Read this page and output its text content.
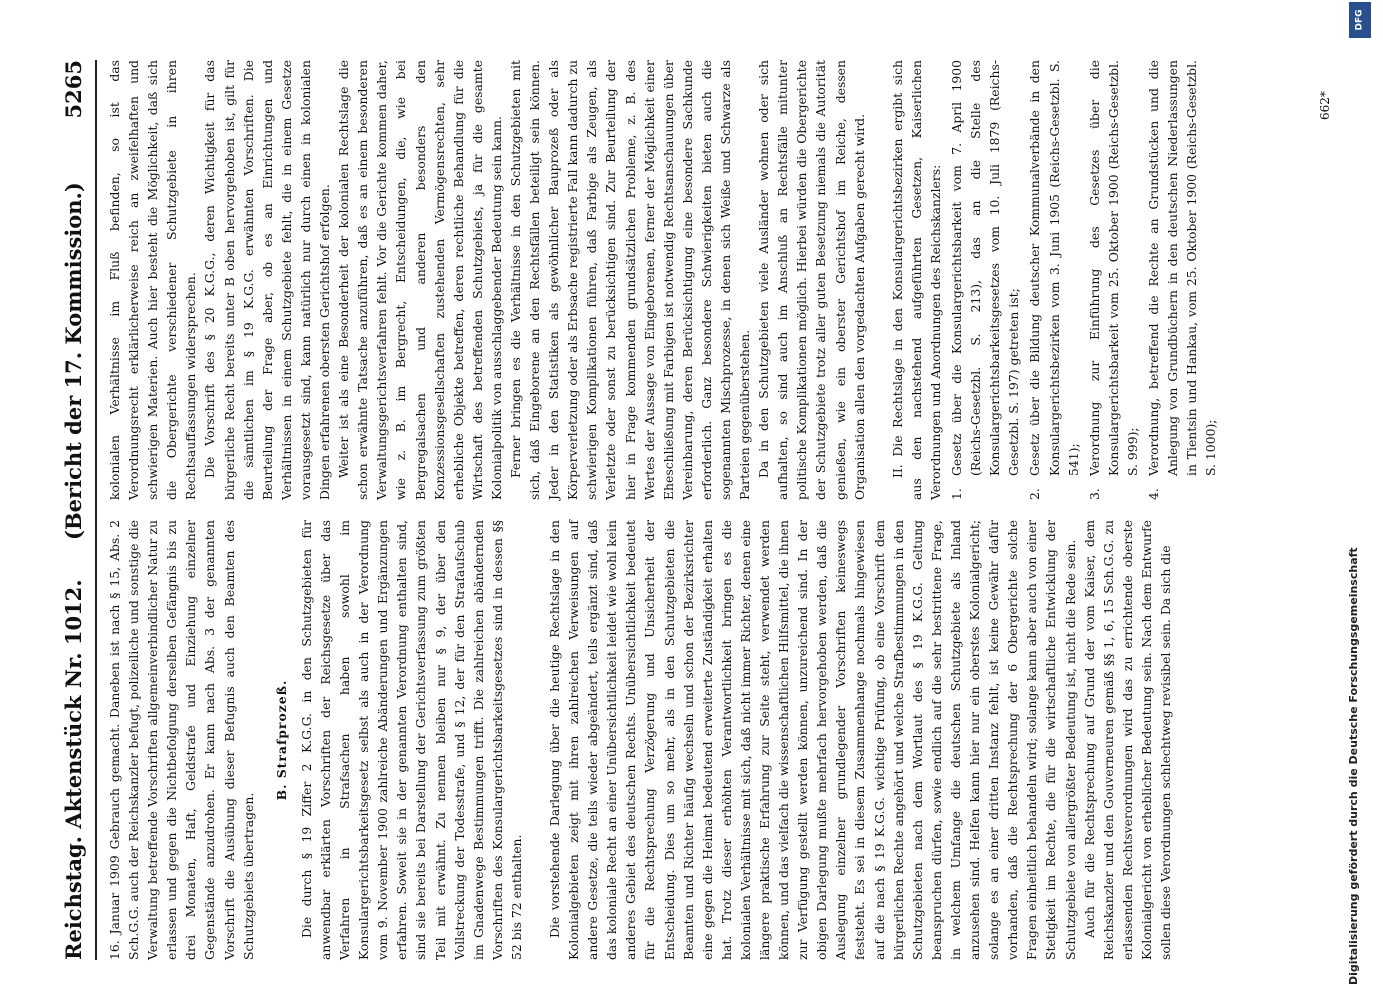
Reichstag. Aktenstück Nr. 1012.
(Bericht der 17. Kommission.)
5265

16. Januar 1909 Gebrauch gemacht. Daneben ist nach § 15, Abs. 2 Sch.G.G. auch der Reichskanzler befugt, polizeiliche und sonstige die Verwaltung betreffende Vorschriften allgemeinverbindlicher Natur zu erlassen und gegen die Nichtbefolgung derselben Gefängnis bis zu drei Monaten, Haft, Geldstrafe und Einziehung einzelner Gegenstände anzudrohen. Er kann nach Abs. 3 der genannten Vorschrift die Ausübung dieser Befugnis auch den Beamten des Schutzgebiets übertragen.

B. Strafprozeß. Die durch § 19 Ziffer 2 K.G.G. in den Schutzgebieten für anwendbar erklärten Vorschriften der Reichsgesetze über das Verfahren in Strafsachen haben sowohl im Konsulargerichtsbarkeitsgesetz selbst als auch in der Verordnung vom 9. November 1900 zahlreiche Abänderungen und Ergänzungen erfahren. Soweit sie in der genannten Verordnung enthalten sind, sind sie bereits bei Darstellung der Gerichtsverfassung zum größten Teil mit erwähnt. Zu nennen bleiben nur § 9, der über den Vollstreckung der Todesstrafe, und § 12, der für den Strafaufschub im Gnadenwege Bestimmungen trifft. Die zahlreichen abändernden Vorschriften des Konsulargerichtsbarkeitsgesetzes sind in dessen §§ 52 bis 72 enthalten. Die vorstehende Darlegung über die heutige Rechtslage in den Kolonialgebieten zeigt mit ihren zahlreichen Verweisungen auf andere Gesetze, die teils wieder abgeändert, teils ergänzt sind, daß das koloniale Recht an einer Unübersichtlichkeit leidet wie wohl kein anderes Gebiet des deutschen Rechts. Unübersichtlichkeit bedeutet für die Rechtsprechung Verzögerung und Unsicherheit der Entscheidung. Dies um so mehr, als in den Schutzgebieten die Beamten und Richter häufig wechseln und schon der Bezirksrichter eine gegen die Heimat bedeutend erweiterte Zuständigkeit erhalten hat. Trotz dieser erhöhten Verantwortlichkeit bringen es die kolonialen Verhältnisse mit sich, daß nicht immer Richter, denen eine längere praktische Erfahrung zur Seite steht, verwendet werden können, und das vielfach die wissenschaftlichen Hilfsmittel, die ihnen zur Verfügung gestellt werden können, unzureichend sind. In der obigen Darlegung mußte mehrfach hervorgehoben werden, daß die Auslegung einzelner grundlegender Vorschriften keineswegs feststeht. Es sei in diesem Zusammenhange nochmals hingewiesen auf die nach § 19 K.G.G. wichtige Prüfung, ob eine Vorschrift dem bürgerlichen Rechte angehört und welche Strafbestimmungen in den Schutzgebieten nach dem Wortlaut des § 19 K.G.G. Geltung beanspruchen dürfen, sowie endlich auf die sehr bestrittene Frage, in welchem Umfange die deutschen Schutzgebiete als Inland anzusehen sind. Helfen kann hier nur ein oberstes Kolonialgericht; solange es an einer dritten Instanz fehlt, ist keine Gewähr dafür vorhanden, daß die Rechtsprechung der 6 Obergerichte solche Fragen einheitlich behandeln wird; solange kann aber auch von einer Stetigkeit im Rechte, die für die wirtschaftliche Entwicklung der Schutzgebiete von allergrößter Bedeutung ist, nicht die Rede sein. Auch für die Rechtsprechung auf Grund der vom Kaiser, dem Reichskanzler und den Gouverneuren gemäß §§ 1, 6, 15 Sch.G.G. zu erlassenden Rechtsverordnungen wird das zu errichtende oberste Kolonialgericht von erheblicher Bedeutung sein. Nach dem Entwurfe sollen diese Verordnungen schlechtweg revisibel sein. Da sich die

kolonialen Verhältnisse im Fluß befinden, so ist das Verordnungsrecht erklärlicherweise reich an zweifelhaften und schwierigen Materien. Auch hier besteht die Möglichkeit, daß sich die Obergerichte verschiedener Schutzgebiete in ihren Rechtsauffassungen widersprechen. Die Vorschrift des § 20 K.G.G., deren Wichtigkeit für das bürgerliche Recht bereits unter B oben hervorgehoben ist, gilt für die sämtlichen im § 19 K.G.G. erwähnten Vorschriften. Die Beurteilung der Frage aber, ob es an Einrichtungen und Verhältnissen in einem Schutzgebiete fehlt, die in einem Gesetze vorausgesetzt sind, kann natürlich nur durch einen in kolonialen Dingen erfahrenen obersten Gerichtshof erfolgen. Weiter ist als eine Besonderheit der kolonialen Rechtslage die schon erwähnte Tatsache anzuführen, daß es an einem besonderen Verwaltungsgerichtsverfahren fehlt. Vor die Gerichte kommen daher, wie z. B. im Bergrecht, Entscheidungen, die, wie bei Bergregalsachen und anderen besonders den Konzessionsgesellschaften zustehenden Vermögensrechten, sehr erhebliche Objekte betreffen, deren rechtliche Behandlung für die Wirtschaft des betreffenden Schutzgebiets, ja für die gesamte Kolonialpolitik von ausschlaggebender Bedeutung sein kann. Ferner bringen es die Verhältnisse in den Schutzgebieten mit sich, daß Eingeborene an den Rechtsfällen beteiligt sein können. Jeder in den Statistiken als gewöhnlicher Bauprozeß oder als Körperverletzung oder als Erbsache registrierte Fall kann dadurch zu schwierigen Komplikationen führen, daß Farbige als Zeugen, als Verletzte oder sonst zu berücksichtigen sind. Zur Beurteilung der hier in Frage kommenden grundsätzlichen Probleme, z. B. des Wertes der Aussage von Eingeborenen, ferner der Möglichkeit einer Eheschließung mit Farbigen ist notwendig Rechtsanschauungen über Vereinbarung, deren Berücksichtigung eine besondere Sachkunde erforderlich. Ganz besondere Schwierigkeiten bieten auch die sogenannten Mischprozesse, in denen sich Weiße und Schwarze als Parteien gegenüberstehen. Da in den Schutzgebieten viele Ausländer wohnen oder sich aufhalten, so sind auch im Anschluß an Rechtsfälle mitunter politische Komplikationen möglich. Hierbei würden die Obergerichte der Schutzgebiete trotz aller guten Besetzung niemals die Autorität genießen, wie ein oberster Gerichtshof im Reiche, dessen Organisation allen den vorgedachten Aufgaben gerecht wird. II. Die Rechtslage in den Konsulargerichtsbezirken ergibt sich aus den nachstehend aufgeführten Gesetzen, Kaiserlichen Verordnungen und Anordnungen des Reichskanzlers: 1.
Gesetz über die Konsulargerichtsbarkeit vom 7. April 1900 (Reichs-Gesetzbl. S. 213), das an die Stelle des Konsulargerichtsbarkeitsgesetzes vom 10. Juli 1879 (Reichs-Gesetzbl. S. 197) getreten ist;
2.
Gesetz über die Bildung deutscher Kommunalverbände in den Konsulargerichtsbezirken vom 3. Juni 1905 (Reichs-Gesetzbl. S. 541);
3.
Verordnung zur Einführung des Gesetzes über die Konsulargerichtsbarkeit vom 25. Oktober 1900 (Reichs-Gesetzbl. S. 999);
4.
Verordnung, betreffend die Rechte an Grundstücken und die Anlegung von Grundbüchern in den deutschen Niederlassungen in Tientsin und Hankau, vom 25. Oktober 1900 (Reichs-Gesetzbl. S. 1000);
662*
DFG
Digitalisierung gefördert durch die Deutsche Forschungsgemeinschaft
